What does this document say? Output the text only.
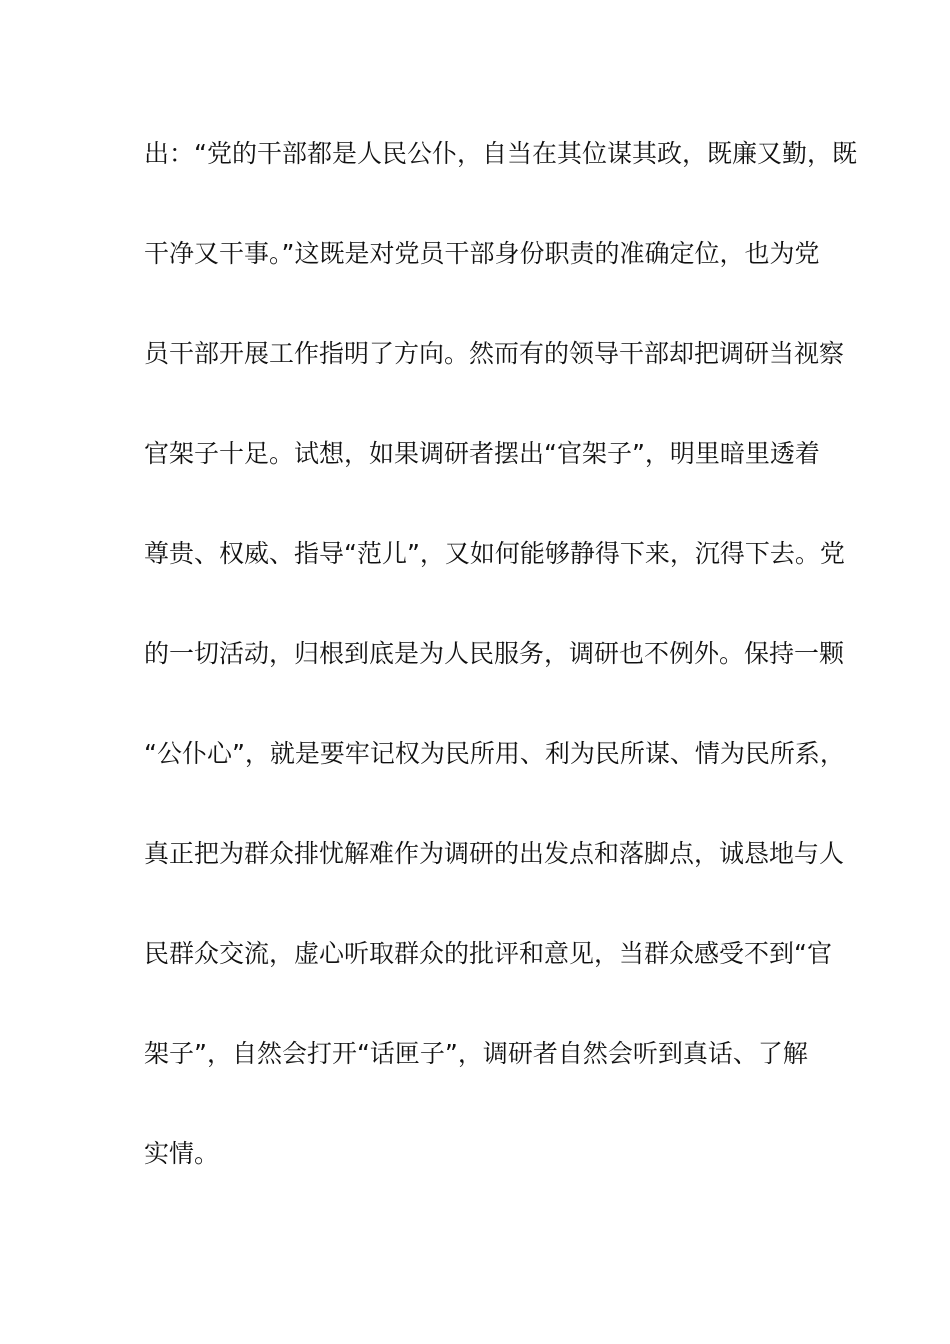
出：“党的干部都是人民公仆，自当在其位谋其政，既廉又勤，既
干净又干事。”这既是对党员干部身份职责的准确定位，也为党
员干部开展工作指明了方向。然而有的领导干部却把调研当视察
官架子十足。试想，如果调研者摆出“官架子”，明里暗里透着
尊贵、权威、指导“范儿”，又如何能够静得下来，沉得下去。党
的一切活动，归根到底是为人民服务，调研也不例外。保持一颗
“公仆心”，就是要牢记权为民所用、利为民所谋、情为民所系，
真正把为群众排忧解难作为调研的出发点和落脚点，诚恳地与人
民群众交流，虚心听取群众的批评和意见，当群众感受不到“官
架子”，自然会打开“话匣子”，调研者自然会听到真话、了解
实情。
